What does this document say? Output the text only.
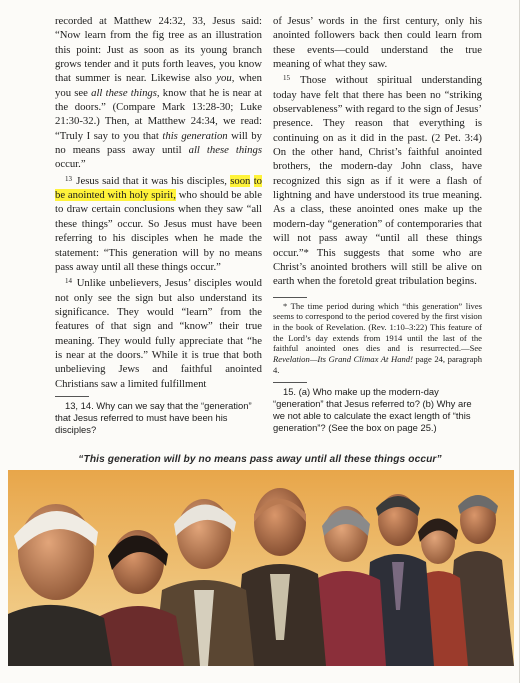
recorded at Matthew 24:32, 33, Jesus said: “Now learn from the fig tree as an illustration this point: Just as soon as its young branch grows tender and it puts forth leaves, you know that summer is near. Likewise also you, when you see all these things, know that he is near at the doors.” (Compare Mark 13:28-30; Luke 21:30-32.) Then, at Matthew 24:34, we read: “Truly I say to you that this generation will by no means pass away until all these things occur.”

$^{13}$ Jesus said that it was his disciples, soon to be anointed with holy spirit, who should be able to draw certain conclusions when they saw “all these things” occur. So Jesus must have been referring to his disciples when he made the statement: “This generation will by no means pass away until all these things occur.”

$^{14}$ Unlike unbelievers, Jesus’ disciples would not only see the sign but also understand its significance. They would “learn” from the features of that sign and “know” their true meaning. They would fully appreciate that “he is near at the doors.” While it is true that both unbelieving Jews and faithful anointed Christians saw a limited fulfillment

13, 14. Why can we say that the “generation” that Jesus referred to must have been his disciples?

of Jesus’ words in the first century, only his anointed followers back then could learn from these events—could understand the true meaning of what they saw.

$^{15}$ Those without spiritual understanding today have felt that there has been no “striking observableness” with regard to the sign of Jesus’ presence. They reason that everything is continuing on as it did in the past. (2 Pet. 3:4) On the other hand, Christ’s faithful anointed brothers, the modern-day John class, have recognized this sign as if it were a flash of lightning and have understood its true meaning. As a class, these anointed ones make up the modern-day “generation” of contemporaries that will not pass away “until all these things occur.”* This suggests that some who are Christ’s anointed brothers will still be alive on earth when the foretold great tribulation begins.

* The time period during which “this generation” lives seems to correspond to the period covered by the first vision in the book of Revelation. (Rev. 1:10–3:22) This feature of the Lord’s day extends from 1914 until the last of the faithful anointed ones dies and is resurrected.—See Revelation—Its Grand Climax At Hand! page 24, paragraph 4.

15. (a) Who make up the modern-day “generation” that Jesus referred to? (b) Why are we not able to calculate the exact length of “this generation”? (See the box on page 25.)

“This generation will by no means pass away until all these things occur”
